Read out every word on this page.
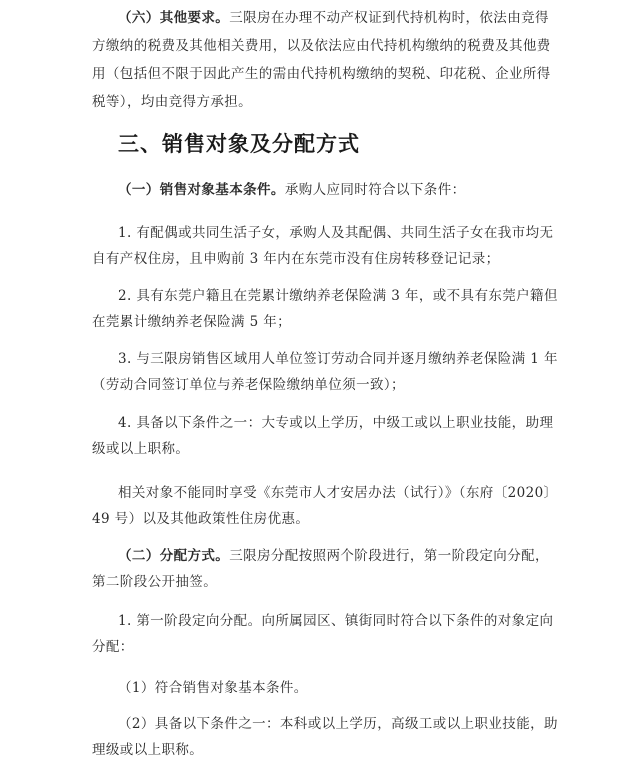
（六）其他要求。三限房在办理不动产权证到代持机构时，依法由竞得方缴纳的税费及其他相关费用，以及依法应由代持机构缴纳的税费及其他费用（包括但不限于因此产生的需由代持机构缴纳的契税、印花税、企业所得税等），均由竞得方承担。

三、销售对象及分配方式

（一）销售对象基本条件。承购人应同时符合以下条件：

1. 有配偶或共同生活子女，承购人及其配偶、共同生活子女在我市均无自有产权住房，且申购前 3 年内在东莞市没有住房转移登记记录；

2. 具有东莞户籍且在莞累计缴纳养老保险满 3 年，或不具有东莞户籍但在莞累计缴纳养老保险满 5 年；

3. 与三限房销售区域用人单位签订劳动合同并逐月缴纳养老保险满 1 年（劳动合同签订单位与养老保险缴纳单位须一致）；

4. 具备以下条件之一：大专或以上学历，中级工或以上职业技能，助理级或以上职称。

相关对象不能同时享受《东莞市人才安居办法（试行）》（东府〔2020〕49 号）以及其他政策性住房优惠。

（二）分配方式。三限房分配按照两个阶段进行，第一阶段定向分配，第二阶段公开抽签。

1. 第一阶段定向分配。向所属园区、镇街同时符合以下条件的对象定向分配：

（1）符合销售对象基本条件。

（2）具备以下条件之一：本科或以上学历，高级工或以上职业技能，助理级或以上职称。
